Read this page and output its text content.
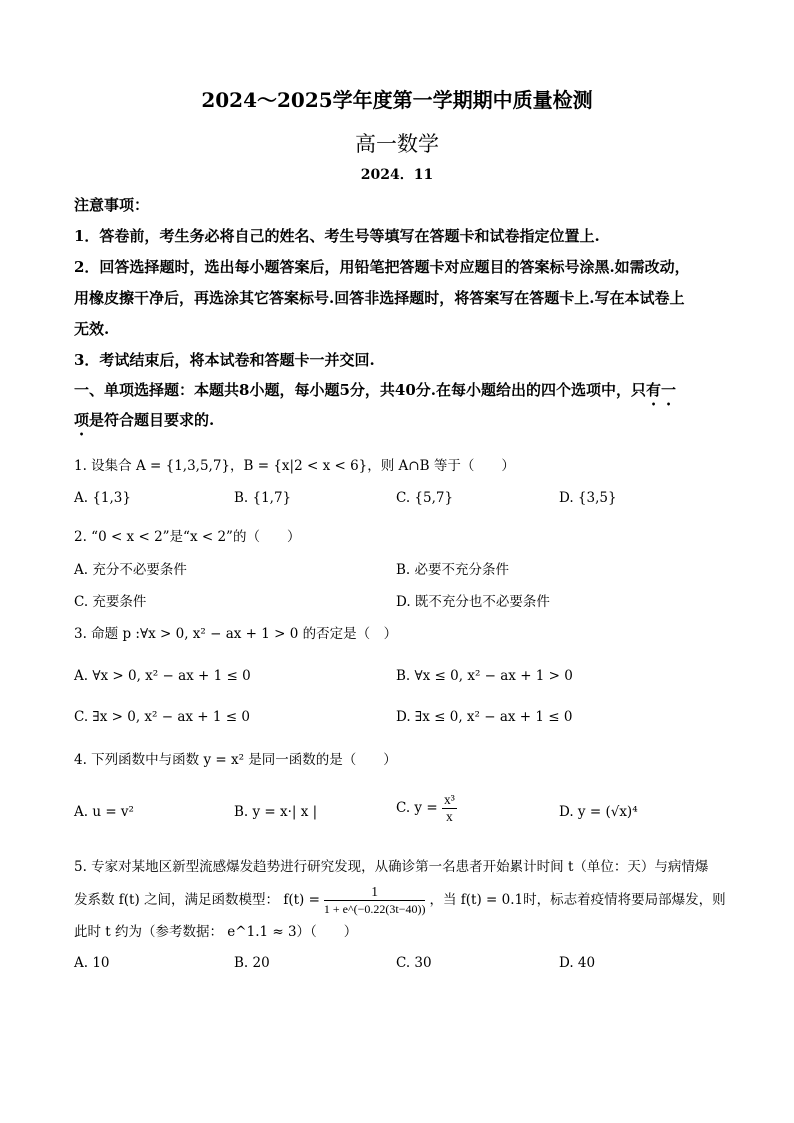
2024～2025学年度第一学期期中质量检测
高一数学
2024．11
注意事项：
1．答卷前，考生务必将自己的姓名、考生号等填写在答题卡和试卷指定位置上.
2．回答选择题时，选出每小题答案后，用铅笔把答题卡对应题目的答案标号涂黑.如需改动，
用橡皮擦干净后，再选涂其它答案标号.回答非选择题时，将答案写在答题卡上.写在本试卷上
无效.
3．考试结束后，将本试卷和答题卡一并交回.
一、单项选择题：本题共8小题，每小题5分，共40分.在每小题给出的四个选项中，只有一
项是符合题目要求的.
1. 设集合 A = {1,3,5,7}，B = {x|2 < x < 6}，则 A∩B 等于（　　）
A. {1,3}	B. {1,7}	C. {5,7}	D. {3,5}
2. “0 < x < 2”是“x < 2”的（　　）
A. 充分不必要条件	B. 必要不充分条件
C. 充要条件	D. 既不充分也不必要条件
3. 命题 p :∀x > 0, x² − ax + 1 > 0 的否定是（　）
A. ∀x > 0, x² − ax + 1 ≤ 0	B. ∀x ≤ 0, x² − ax + 1 > 0
C. ∃x > 0, x² − ax + 1 ≤ 0	D. ∃x ≤ 0, x² − ax + 1 ≤ 0
4. 下列函数中与函数 y = x² 是同一函数的是（　　）
A. u = v²	B. y = x·| x |	C. $y = \frac{\text{x³}}{x}$	D. y = (√x)⁴
5. 专家对某地区新型流感爆发趋势进行研究发现，从确诊第一名患者开始累计时间 t（单位：天）与病情爆
发系数 f(t) 之间，满足函数模型： $f(t) = \frac{1}{1 + e\^{}(-0.22(3t-40))}$ ，当 f(t) = 0.1时，标志着疫情将要局部爆发，则
此时 t 约为（参考数据： e^1.1 ≈ 3）（　　）
A. 10	B. 20	C. 30	D. 40
